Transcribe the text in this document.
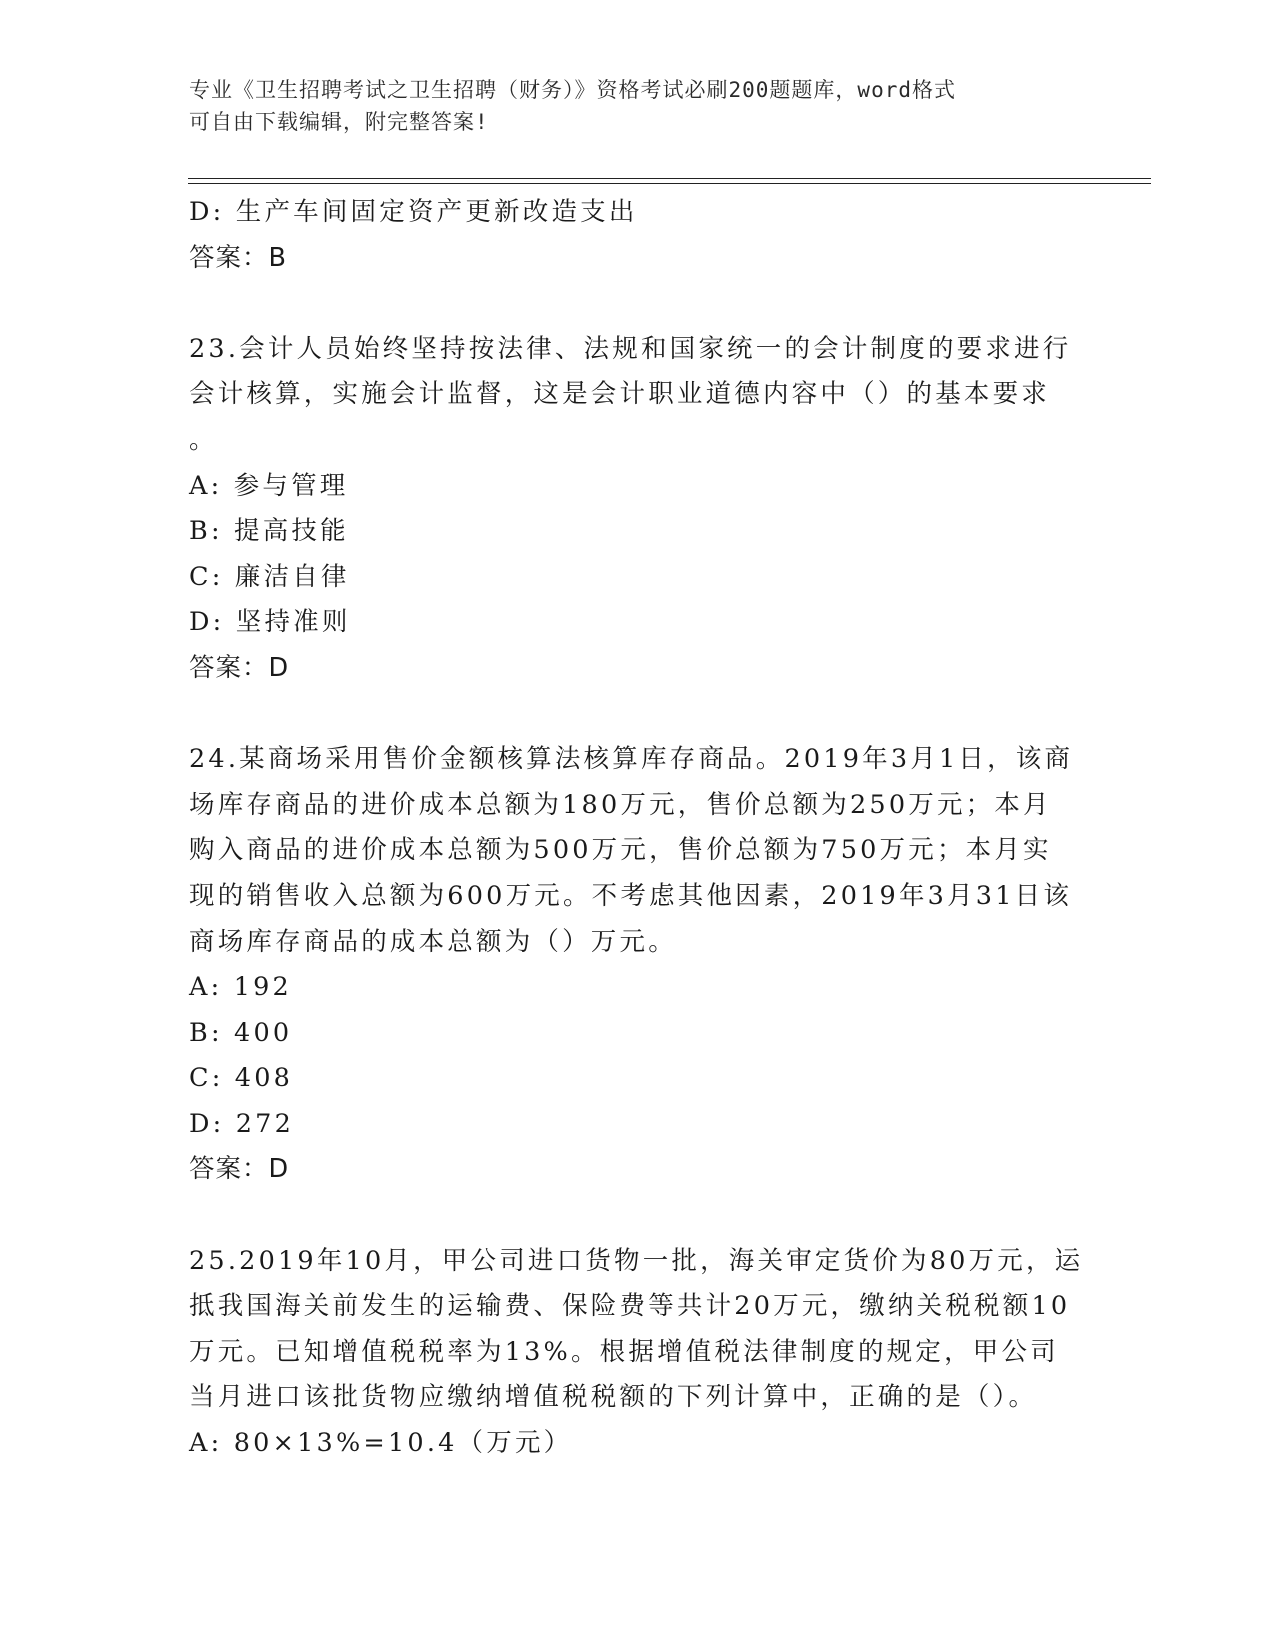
专业《卫生招聘考试之卫生招聘（财务）》资格考试必刷200题题库，word格式
可自由下载编辑，附完整答案!
D: 生产车间固定资产更新改造支出
答案：B
23.会计人员始终坚持按法律、法规和国家统一的会计制度的要求进行
会计核算，实施会计监督，这是会计职业道德内容中（）的基本要求
。
A: 参与管理
B: 提高技能
C: 廉洁自律
D: 坚持准则
答案：D
24.某商场采用售价金额核算法核算库存商品。2019年3月1日，该商
场库存商品的进价成本总额为180万元，售价总额为250万元；本月
购入商品的进价成本总额为500万元，售价总额为750万元；本月实
现的销售收入总额为600万元。不考虑其他因素，2019年3月31日该
商场库存商品的成本总额为（）万元。
A: 192
B: 400
C: 408
D: 272
答案：D
25.2019年10月，甲公司进口货物一批，海关审定货价为80万元，运
抵我国海关前发生的运输费、保险费等共计20万元，缴纳关税税额10
万元。已知增值税税率为13%。根据增值税法律制度的规定，甲公司
当月进口该批货物应缴纳增值税税额的下列计算中，正确的是（）。
A: 80×13%=10.4（万元）
